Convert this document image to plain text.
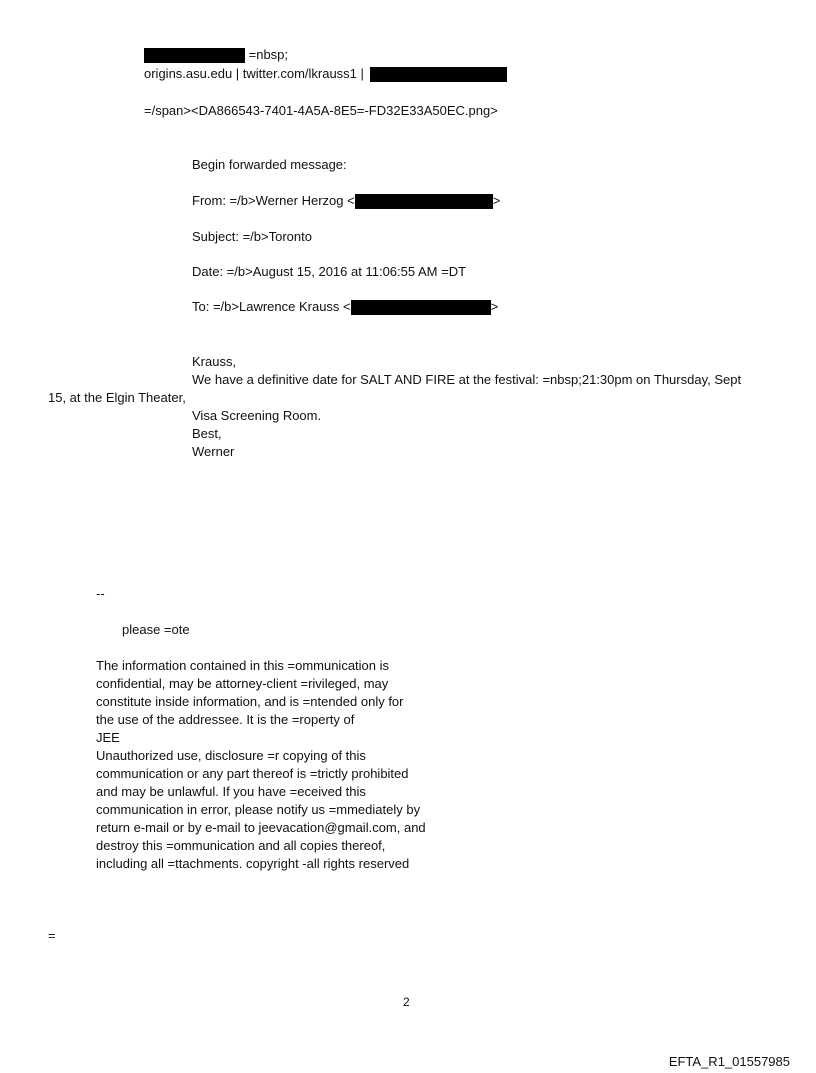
=nbsp;
origins.asu.edu | twitter.com/lkrauss1 |
=/span><DA866543-7401-4A5A-8E5=-FD32E33A50EC.png>
Begin forwarded message:
From: =/b>Werner Herzog <	>
Subject: =/b>Toronto
Date: =/b>August 15, 2016 at 11:06:55 AM =DT
To: =/b>Lawrence Krauss <	>
Krauss,
We have a definitive date for SALT AND FIRE at the festival: =nbsp;21:30pm on Thursday, Sept
15, at the Elgin Theater,
Visa Screening Room.
Best,
Werner
--
please =ote
The information contained in this =ommunication is
confidential, may be attorney-client =rivileged, may
constitute inside information, and is =ntended only for
the use of the addressee. It is the =roperty of
JEE
Unauthorized use, disclosure =r copying of this
communication or any part thereof is =trictly prohibited
and may be unlawful. If you have =eceived this
communication in error, please notify us =mmediately by
return e-mail or by e-mail to jeevacation@gmail.com, and
destroy this =ommunication and all copies thereof,
including all =ttachments. copyright -all rights reserved
=
2
EFTA_R1_01557985
